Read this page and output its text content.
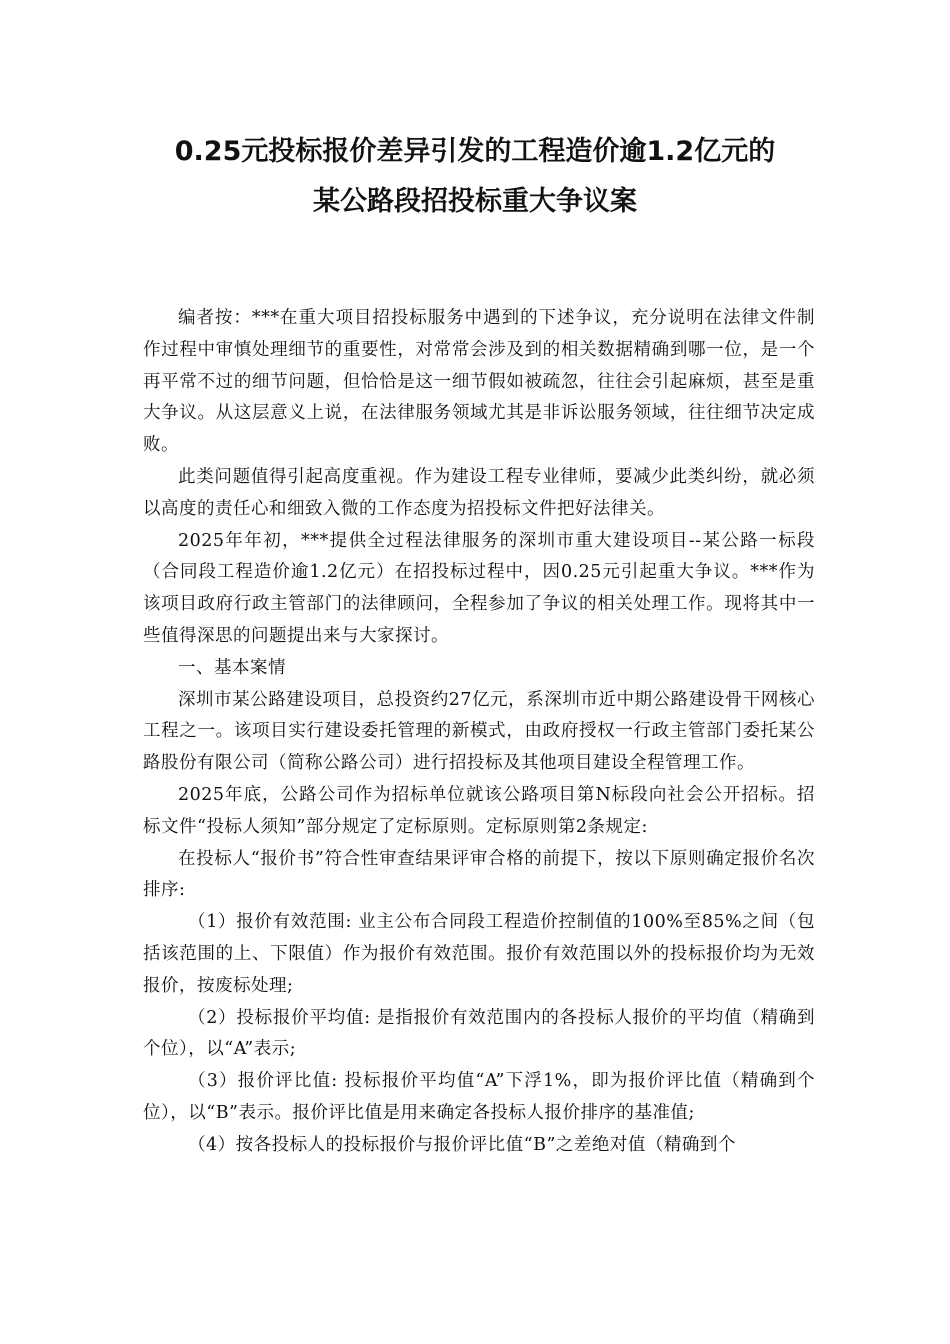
0.25元投标报价差异引发的工程造价逾1.2亿元的
某公路段招投标重大争议案

编者按：***在重大项目招投标服务中遇到的下述争议，充分说明在法律文件制作过程中审慎处理细节的重要性，对常常会涉及到的相关数据精确到哪一位，是一个再平常不过的细节问题，但恰恰是这一细节假如被疏忽，往往会引起麻烦，甚至是重大争议。从这层意义上说，在法律服务领域尤其是非诉讼服务领域，往往细节决定成败。

此类问题值得引起高度重视。作为建设工程专业律师，要减少此类纠纷，就必须以高度的责任心和细致入微的工作态度为招投标文件把好法律关。

2025年年初，***提供全过程法律服务的深圳市重大建设项目--某公路一标段（合同段工程造价逾1.2亿元）在招投标过程中，因0.25元引起重大争议。***作为该项目政府行政主管部门的法律顾问，全程参加了争议的相关处理工作。现将其中一些值得深思的问题提出来与大家探讨。

一、基本案情

深圳市某公路建设项目，总投资约27亿元，系深圳市近中期公路建设骨干网核心工程之一。该项目实行建设委托管理的新模式，由政府授权一行政主管部门委托某公路股份有限公司（简称公路公司）进行招投标及其他项目建设全程管理工作。

2025年底，公路公司作为招标单位就该公路项目第N标段向社会公开招标。招标文件“投标人须知”部分规定了定标原则。定标原则第2条规定:

在投标人“报价书”符合性审查结果评审合格的前提下，按以下原则确定报价名次排序:

（1）报价有效范围: 业主公布合同段工程造价控制值的100%至85%之间（包括该范围的上、下限值）作为报价有效范围。报价有效范围以外的投标报价均为无效报价，按废标处理;

（2）投标报价平均值: 是指报价有效范围内的各投标人报价的平均值（精确到个位），以“A”表示;

（3）报价评比值: 投标报价平均值“A”下浮1%，即为报价评比值（精确到个位），以“B”表示。报价评比值是用来确定各投标人报价排序的基准值;

（4）按各投标人的投标报价与报价评比值“B”之差绝对值（精确到个
